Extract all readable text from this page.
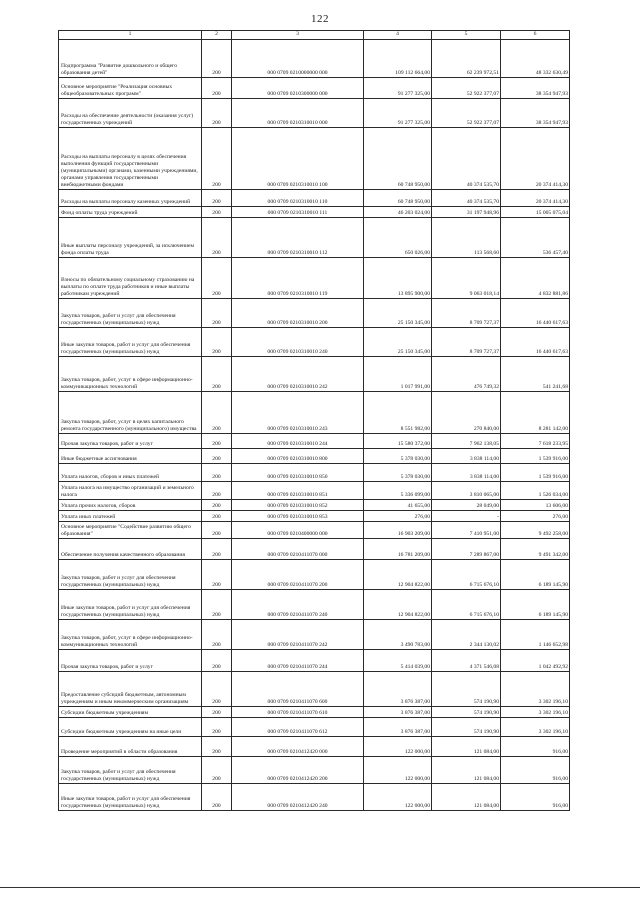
122
1	2	3	4	5	6
Подпрограмма "Развитие дошкольного и общего образования детей"	200	000 0709 0210000000 000	109 112 664,00	62 239 972,51	48 332 630,49
Основное мероприятие "Реализация основных общеобразовательных программ"	200	000 0709 0210300000 000	91 277 325,00	52 922 377,07	38 354 947,93
Расходы на обеспечение деятельности (оказания услуг) государственных учреждений	200	000 0709 0210310010 000	91 277 325,00	52 922 377,07	38 354 947,93
Расходы на выплаты персоналу в целях обеспечения выполнения функций государственными (муниципальными) органами, казенными учреждениями, органами управления государственными внебюджетными фондами	200	000 0709 0210310010 100	60 748 950,00	40 374 535,70	20 374 414,30
Расходы на выплаты персоналу казенных учреждений	200	000 0709 0210310010 110	60 748 950,00	40 374 535,70	20 374 414,30
Фонд оплаты труда учреждений	200	000 0709 0210310010 111	46 203 024,00	31 197 948,96	15 005 075,04
Иные выплаты персоналу учреждений, за исключением фонда оплаты труда	200	000 0709 0210310010 112	650 026,00	113 568,60	536 457,40
Взносы по обязательному социальному страхованию на выплаты по оплате труда работников и иные выплаты работникам учреждений	200	000 0709 0210310010 119	13 895 900,00	9 063 018,14	4 832 881,86
Закупка товаров, работ и услуг для обеспечения государственных (муниципальных) нужд	200	000 0709 0210310010 200	25 150 345,00	8 709 727,37	16 440 617,63
Иные закупки товаров, работ и услуг для обеспечения государственных (муниципальных) нужд	200	000 0709 0210310010 240	25 150 345,00	8 709 727,37	16 440 617,63
Закупка товаров, работ, услуг в сфере информационно-коммуникационных технологий	200	000 0709 0210310010 242	1 017 991,00	476 749,32	541 241,68
Закупка товаров, работ, услуг в целях капитального ремонта государственного (муниципального) имущества	200	000 0709 0210310010 243	8 551 982,00	270 840,00	8 281 142,00
Прочая закупка товаров, работ и услуг	200	000 0709 0210310010 244	15 580 372,00	7 962 138,05	7 618 233,95
Иные бюджетные ассигнования	200	000 0709 0210310010 800	5 378 030,00	3 838 114,00	1 539 916,00
Уплата налогов, сборов и иных платежей	200	000 0709 0210310010 850	5 378 030,00	3 838 114,00	1 539 916,00
Уплата налога на имущество организаций и земельного налога	200	000 0709 0210310010 851	5 336 099,00	3 810 065,00	1 526 034,00
Уплата прочих налогов, сборов	200	000 0709 0210310010 852	41 655,00	28 049,00	13 606,00
Уплата иных платежей	200	000 0709 0210310010 853	276,00	-	276,00
Основное мероприятие "Содействие развитию общего образования"	200	000 0709 0210400000 000	16 903 209,00	7 410 951,00	9 492 258,00
Обеспечение получения качественного образования	200	000 0709 0210411070 000	16 781 209,00	7 289 867,00	9 491 342,00
Закупка товаров, работ и услуг для обеспечения государственных (муниципальных) нужд	200	000 0709 0210411070 200	12 904 822,00	6 715 676,10	6 189 145,90
Иные закупки товаров, работ и услуг для обеспечения государственных (муниципальных) нужд	200	000 0709 0210411070 240	12 904 822,00	6 715 676,10	6 189 145,90
Закупка товаров, работ, услуг в сфере информационно-коммуникационных технологий	200	000 0709 0210411070 242	3 490 783,00	2 344 130,02	1 146 652,98
Прочая закупка товаров, работ и услуг	200	000 0709 0210411070 244	5 414 039,00	4 371 546,08	1 042 492,92
Предоставление субсидий бюджетным, автономным учреждениям и иным некоммерческим организациям	200	000 0709 0210411070 600	3 876 387,00	574 190,90	3 302 196,10
Субсидии бюджетным учреждениям	200	000 0709 0210411070 610	3 876 387,00	574 190,90	3 302 196,10
Субсидии бюджетным учреждениям на иные цели	200	000 0709 0210411070 612	3 876 387,00	574 190,90	3 302 196,10
Проведение мероприятий в области образования	200	000 0709 0210412420 000	122 000,00	121 084,00	916,00
Закупка товаров, работ и услуг для обеспечения государственных (муниципальных) нужд	200	000 0709 0210412420 200	122 000,00	121 084,00	916,00
Иные закупки товаров, работ и услуг для обеспечения государственных (муниципальных) нужд	200	000 0709 0210412420 240	122 000,00	121 084,00	916,00
